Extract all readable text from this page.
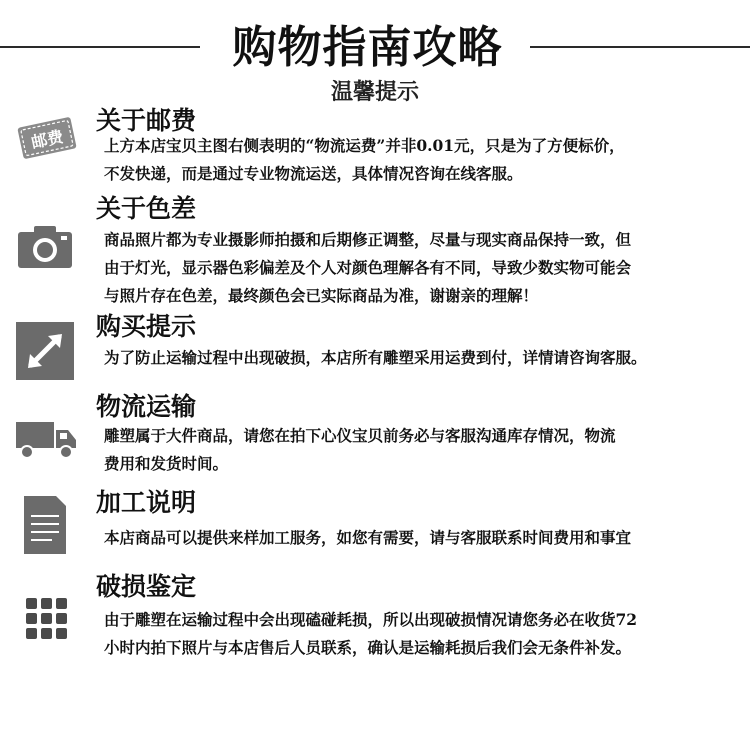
购物指南攻略
温馨提示
邮费
关于邮费
上方本店宝贝主图右侧表明的“物流运费”并非0.01元，只是为了方便标价，
不发快递，而是通过专业物流运送，具体情况咨询在线客服。
关于色差
商品照片都为专业摄影师拍摄和后期修正调整，尽量与现实商品保持一致，但
由于灯光，显示器色彩偏差及个人对颜色理解各有不同，导致少数实物可能会
与照片存在色差，最终颜色会已实际商品为准，谢谢亲的理解！
购买提示
为了防止运输过程中出现破损，本店所有雕塑采用运费到付，详情请咨询客服。
物流运输
雕塑属于大件商品，请您在拍下心仪宝贝前务必与客服沟通库存情况，物流
费用和发货时间。
加工说明
本店商品可以提供来样加工服务，如您有需要，请与客服联系时间费用和事宜
破损鉴定
由于雕塑在运输过程中会出现磕碰耗损，所以出现破损情况请您务必在收货72
小时内拍下照片与本店售后人员联系，确认是运输耗损后我们会无条件补发。
